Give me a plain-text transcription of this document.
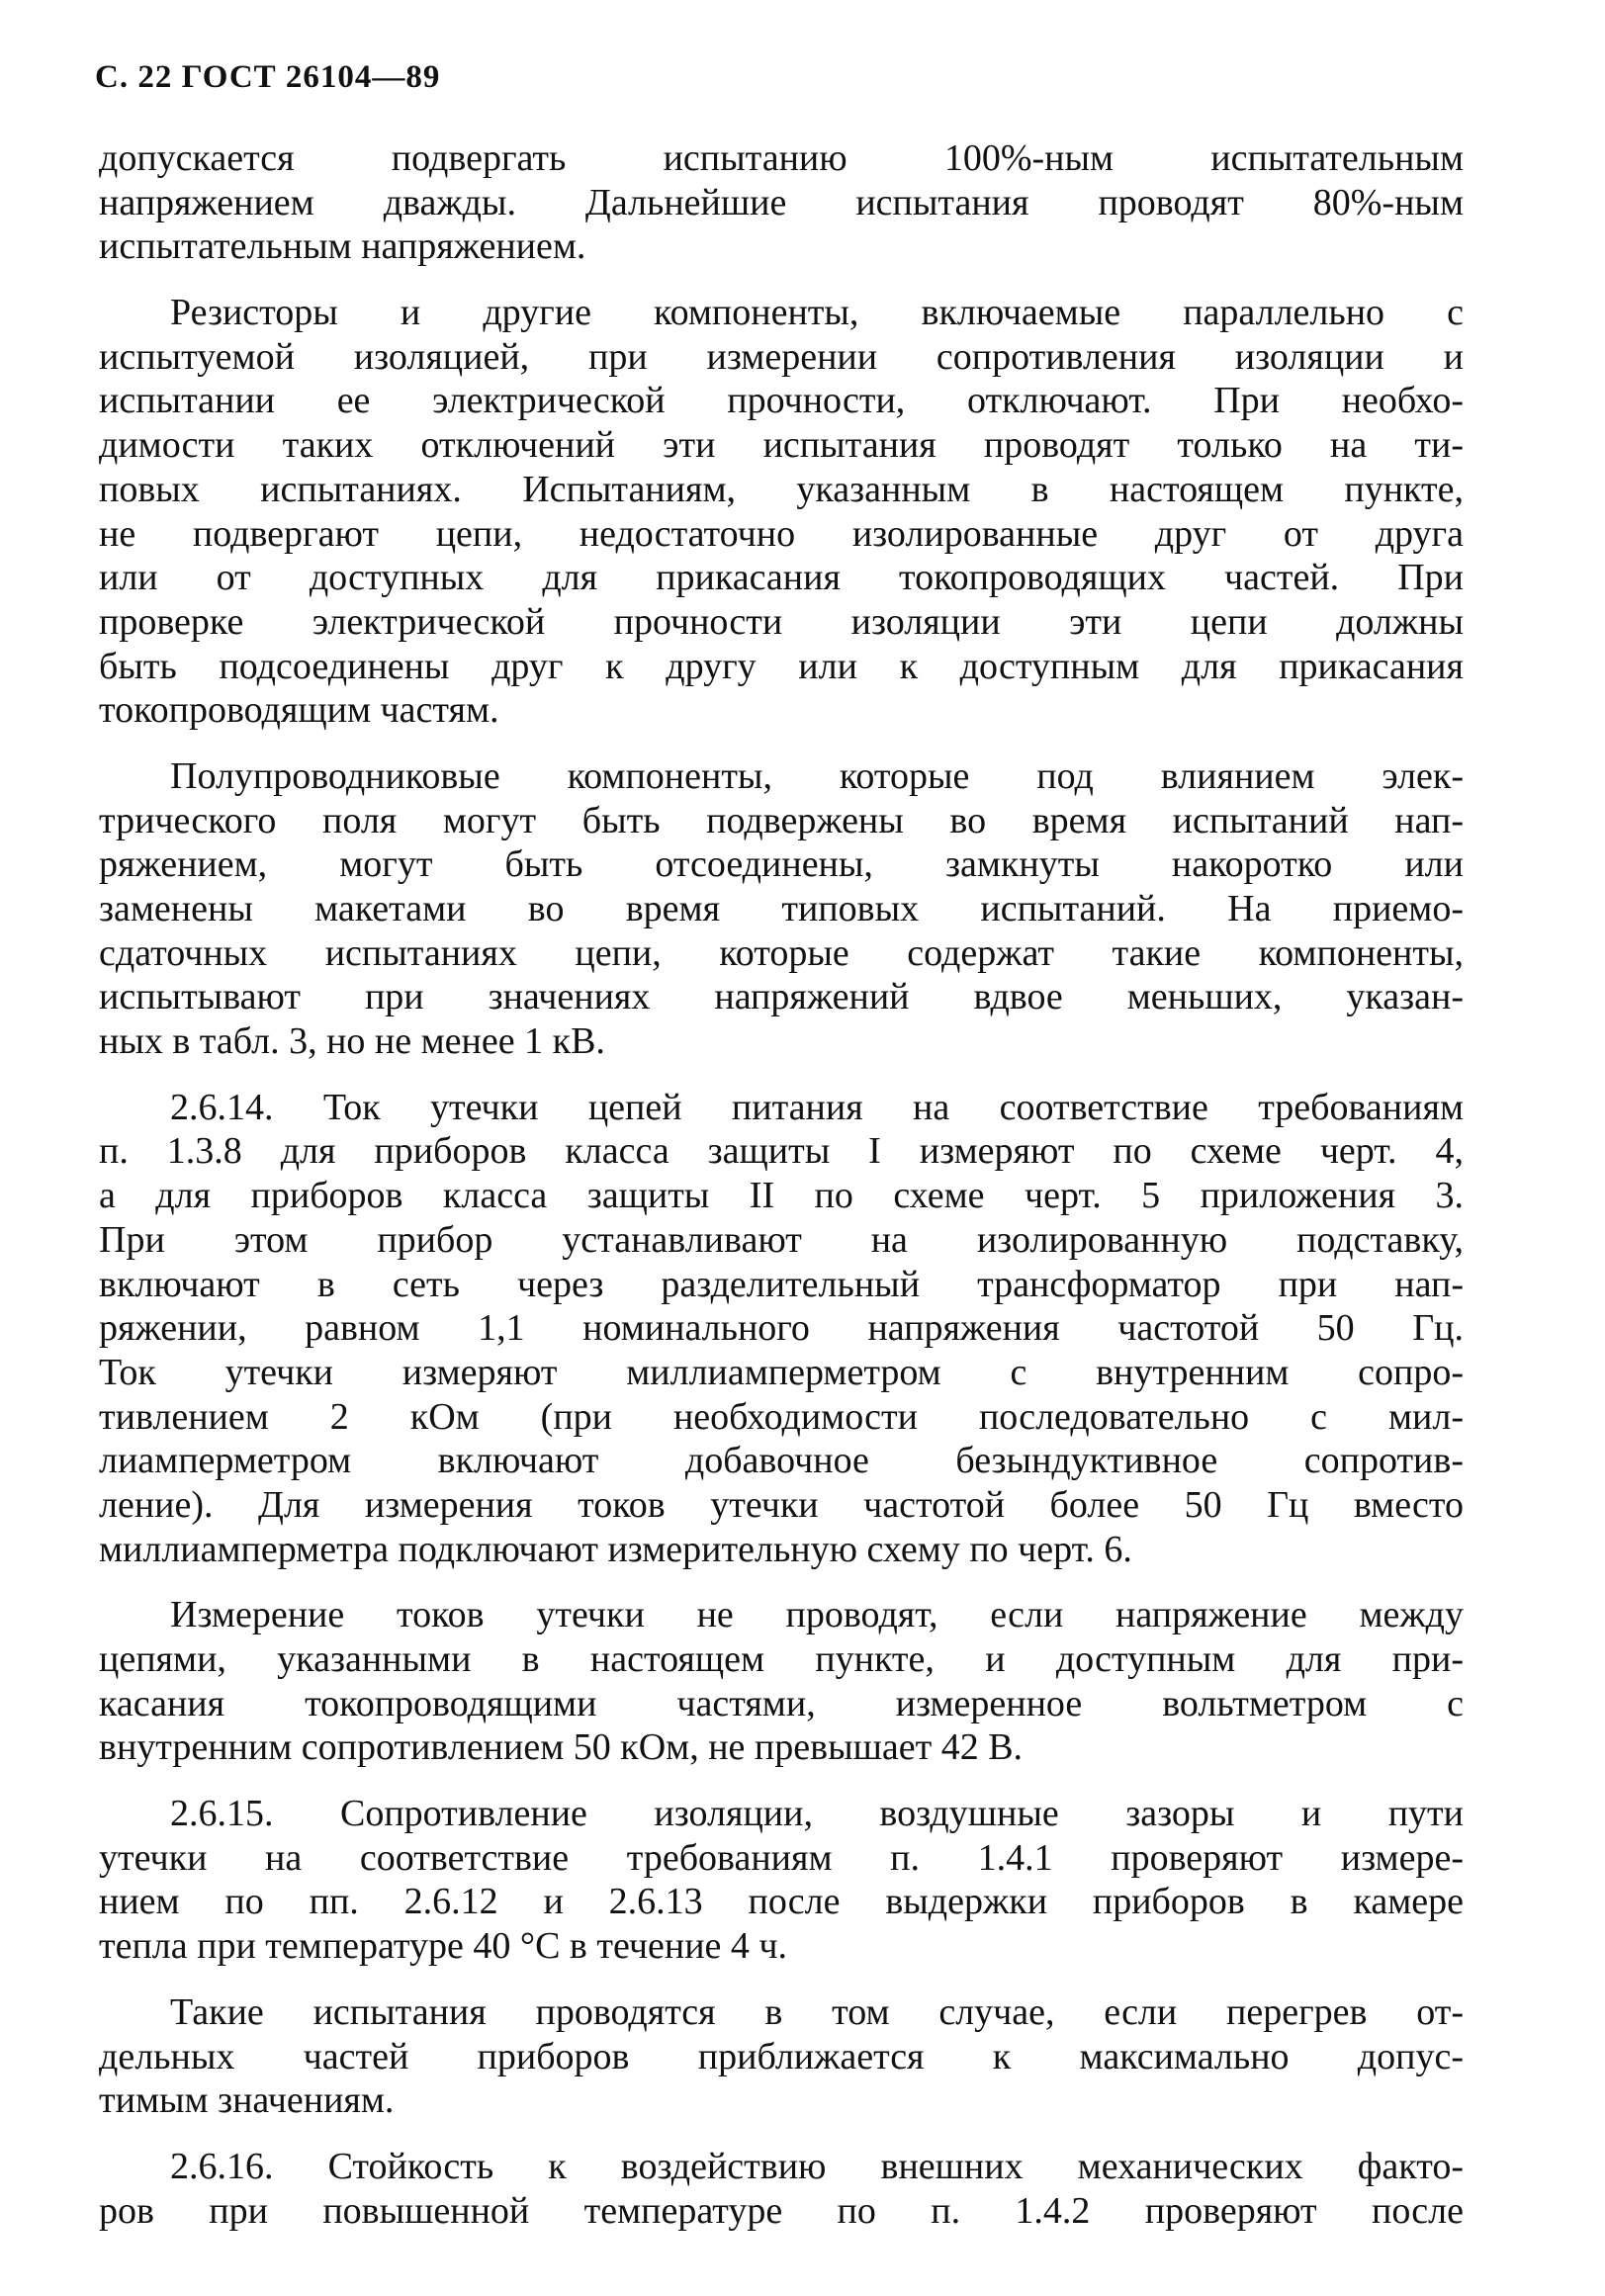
С. 22 ГОСТ 26104—89
допускается подвергать испытанию 100%-ным испытательным
напряжением дважды. Дальнейшие испытания проводят 80%-ным
испытательным напряжением.
Резисторы и другие компоненты, включаемые параллельно с
испытуемой изоляцией, при измерении сопротивления изоляции и
испытании ее электрической прочности, отключают. При необхо-
димости таких отключений эти испытания проводят только на ти-
повых испытаниях. Испытаниям, указанным в настоящем пункте,
не подвергают цепи, недостаточно изолированные друг от друга
или от доступных для прикасания токопроводящих частей. При
проверке электрической прочности изоляции эти цепи должны
быть подсоединены друг к другу или к доступным для прикасания
токопроводящим частям.
Полупроводниковые компоненты, которые под влиянием элек-
трического поля могут быть подвержены во время испытаний нап-
ряжением, могут быть отсоединены, замкнуты накоротко или
заменены макетами во время типовых испытаний. На приемо-
сдаточных испытаниях цепи, которые содержат такие компоненты,
испытывают при значениях напряжений вдвое меньших, указан-
ных в табл. 3, но не менее 1 кВ.
2.6.14. Ток утечки цепей питания на соответствие требованиям
п. 1.3.8 для приборов класса защиты I измеряют по схеме черт. 4,
а для приборов класса защиты II по схеме черт. 5 приложения 3.
При этом прибор устанавливают на изолированную подставку,
включают в сеть через разделительный трансформатор при нап-
ряжении, равном 1,1 номинального напряжения частотой 50 Гц.
Ток утечки измеряют миллиамперметром с внутренним сопро-
тивлением 2 кОм (при необходимости последовательно с мил-
лиамперметром включают добавочное безындуктивное сопротив-
ление). Для измерения токов утечки частотой более 50 Гц вместо
миллиамперметра подключают измерительную схему по черт. 6.
Измерение токов утечки не проводят, если напряжение между
цепями, указанными в настоящем пункте, и доступным для при-
касания токопроводящими частями, измеренное вольтметром с
внутренним сопротивлением 50 кОм, не превышает 42 В.
2.6.15. Сопротивление изоляции, воздушные зазоры и пути
утечки на соответствие требованиям п. 1.4.1 проверяют измере-
нием по пп. 2.6.12 и 2.6.13 после выдержки приборов в камере
тепла при температуре 40 °С в течение 4 ч.
Такие испытания проводятся в том случае, если перегрев от-
дельных частей приборов приближается к максимально допус-
тимым значениям.
2.6.16. Стойкость к воздействию внешних механических факто-
ров при повышенной температуре по п. 1.4.2 проверяют после
